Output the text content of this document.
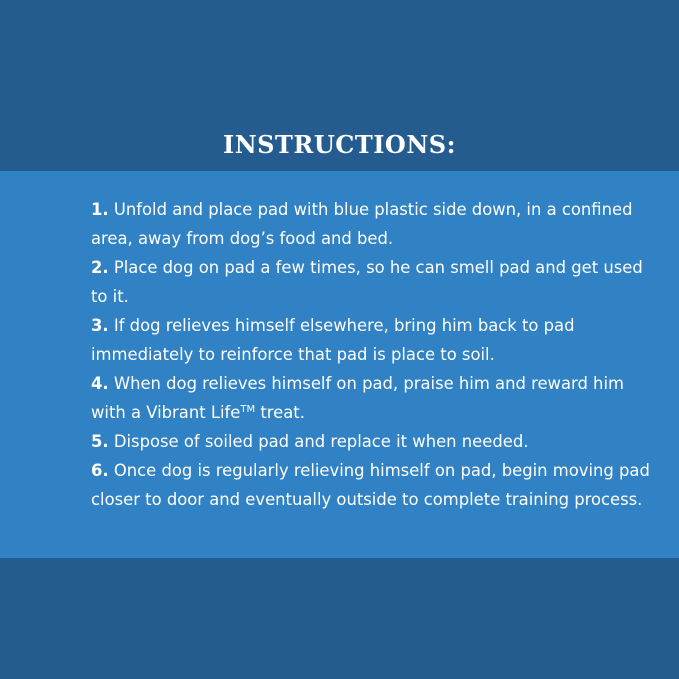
INSTRUCTIONS:
1. Unfold and place pad with blue plastic side down, in a confined area, away from dog’s food and bed.
2. Place dog on pad a few times, so he can smell pad and get used to it.
3. If dog relieves himself elsewhere, bring him back to pad immediately to reinforce that pad is place to soil.
4. When dog relieves himself on pad, praise him and reward him with a Vibrant Life™ treat.
5. Dispose of soiled pad and replace it when needed.
6. Once dog is regularly relieving himself on pad, begin moving pad closer to door and eventually outside to complete training process.
